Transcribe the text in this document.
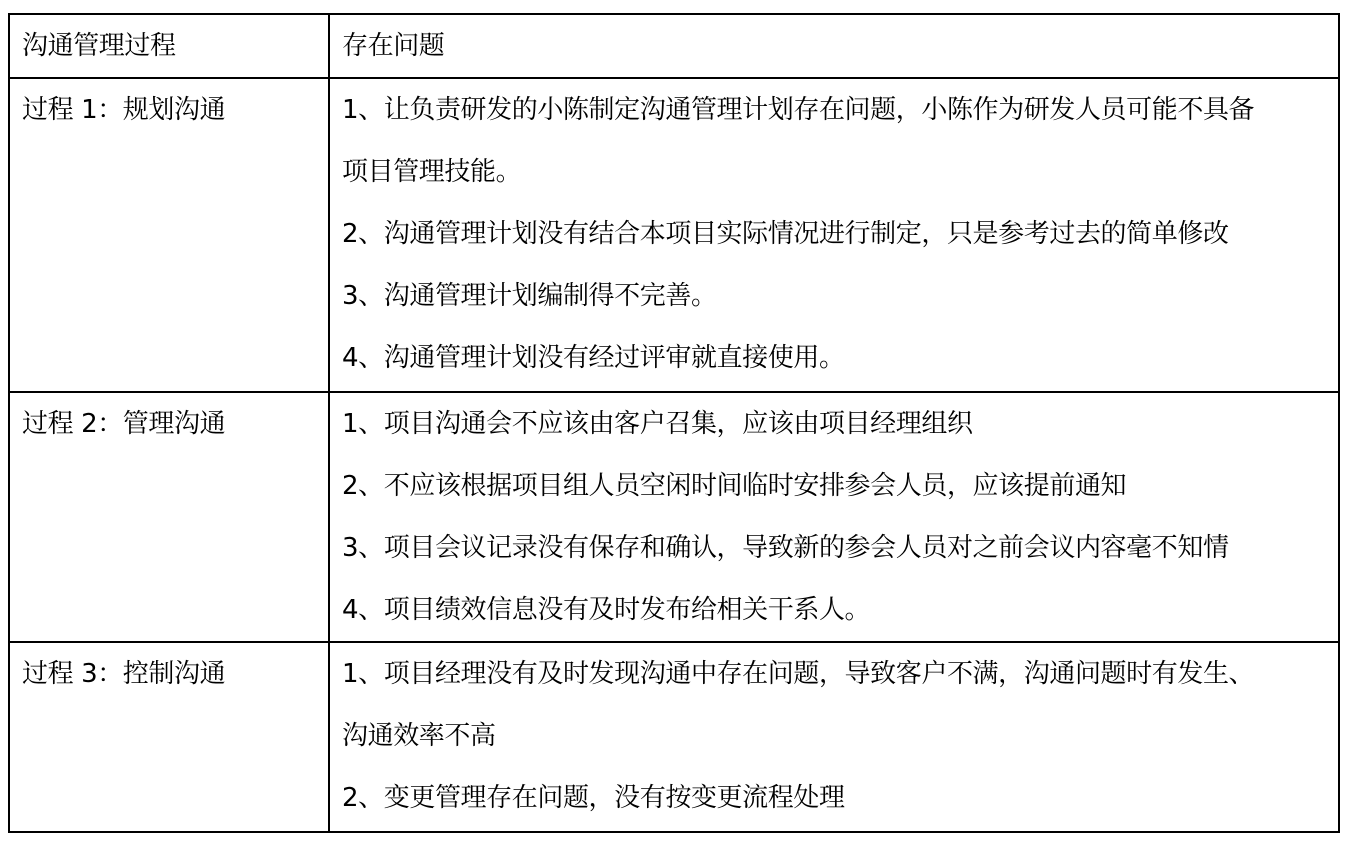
沟通管理过程	存在问题

过程 1：规划沟通	1、让负责研发的小陈制定沟通管理计划存在问题，小陈作为研发人员可能不具备
项目管理技能。
2、沟通管理计划没有结合本项目实际情况进行制定，只是参考过去的简单修改
3、沟通管理计划编制得不完善。
4、沟通管理计划没有经过评审就直接使用。

过程 2：管理沟通	1、项目沟通会不应该由客户召集，应该由项目经理组织
2、不应该根据项目组人员空闲时间临时安排参会人员，应该提前通知
3、项目会议记录没有保存和确认，导致新的参会人员对之前会议内容毫不知情
4、项目绩效信息没有及时发布给相关干系人。

过程 3：控制沟通	1、项目经理没有及时发现沟通中存在问题，导致客户不满，沟通问题时有发生、
沟通效率不高
2、变更管理存在问题，没有按变更流程处理
